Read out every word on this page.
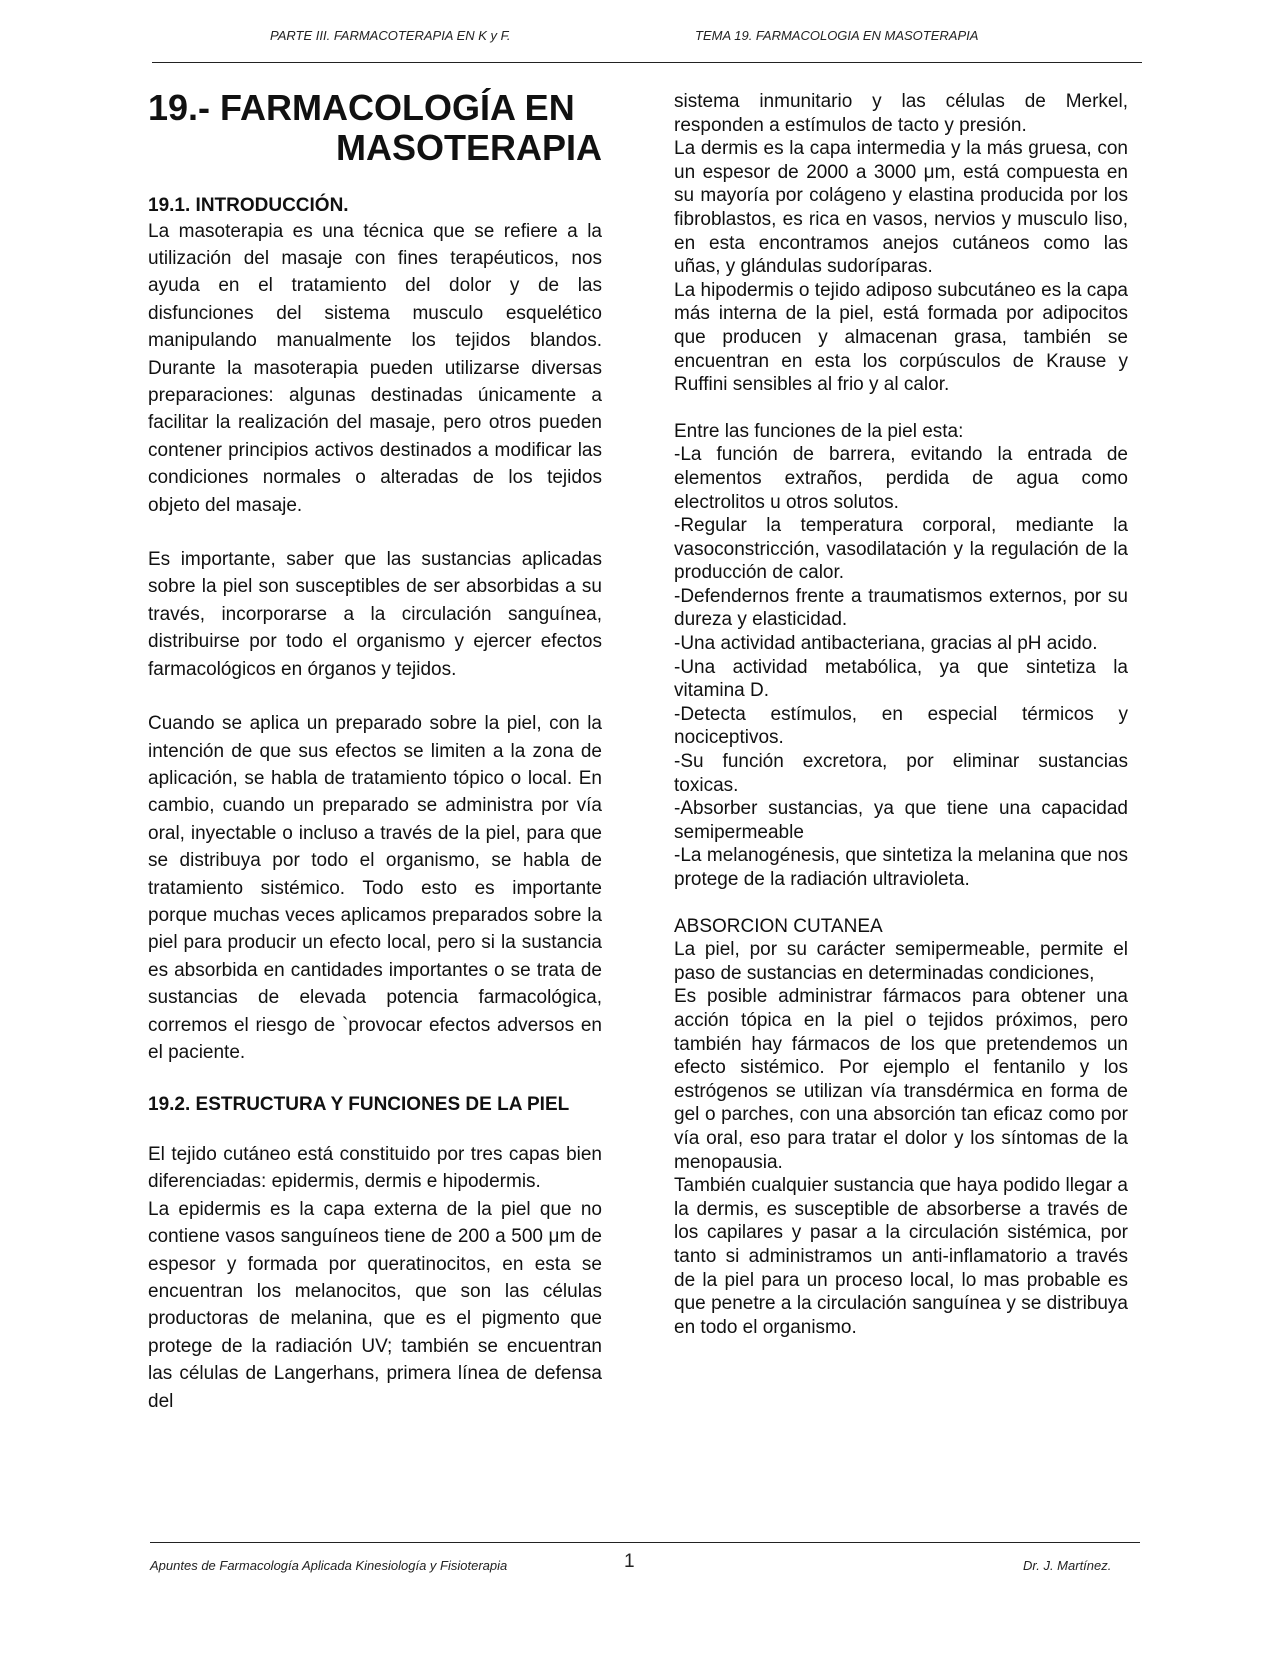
PARTE III. FARMACOTERAPIA EN K y F.	TEMA 19. FARMACOLOGIA EN MASOTERAPIA
19.- FARMACOLOGÍA EN
MASOTERAPIA

19.1. INTRODUCCIÓN.

La masoterapia es una técnica que se refiere a la utilización del masaje con fines terapéuticos, nos ayuda en el tratamiento del dolor y de las disfunciones del sistema musculo esquelético manipulando manualmente los tejidos blandos. Durante la masoterapia pueden utilizarse diversas preparaciones: algunas destinadas únicamente a facilitar la realización del masaje, pero otros pueden contener principios activos destinados a modificar las condiciones normales o alteradas de los tejidos objeto del masaje.

Es importante, saber que las sustancias aplicadas sobre la piel son susceptibles de ser absorbidas a su través, incorporarse a la circulación sanguínea, distribuirse por todo el organismo y ejercer efectos farmacológicos en órganos y tejidos.

Cuando se aplica un preparado sobre la piel, con la intención de que sus efectos se limiten a la zona de aplicación, se habla de tratamiento tópico o local. En cambio, cuando un preparado se administra por vía oral, inyectable o incluso a través de la piel, para que se distribuya por todo el organismo, se habla de tratamiento sistémico. Todo esto es importante porque muchas veces aplicamos preparados sobre la piel para producir un efecto local, pero si la sustancia es absorbida en cantidades importantes o se trata de sustancias de elevada potencia farmacológica, corremos el riesgo de `provocar efectos adversos en el paciente.

19.2. ESTRUCTURA Y FUNCIONES DE LA PIEL

El tejido cutáneo está constituido por tres capas bien diferenciadas: epidermis, dermis e hipodermis.

La epidermis es la capa externa de la piel que no contiene vasos sanguíneos tiene de 200 a 500 μm de espesor y formada por queratinocitos, en esta se encuentran los melanocitos, que son las células productoras de melanina, que es el pigmento que protege de la radiación UV; también se encuentran las células de Langerhans, primera línea de defensa del

sistema inmunitario y las células de Merkel, responden a estímulos de tacto y presión.

La dermis es la capa intermedia y la más gruesa, con un espesor de 2000 a 3000 μm, está compuesta en su mayoría por colágeno y elastina producida por los fibroblastos, es rica en vasos, nervios y musculo liso, en esta encontramos anejos cutáneos como las uñas, y glándulas sudoríparas.

La hipodermis o tejido adiposo subcutáneo es la capa más interna de la piel, está formada por adipocitos que producen y almacenan grasa, también se encuentran en esta los corpúsculos de Krause y Ruffini sensibles al frio y al calor.

Entre las funciones de la piel esta:

-La función de barrera, evitando la entrada de elementos extraños, perdida de agua como electrolitos u otros solutos.

-Regular la temperatura corporal, mediante la vasoconstricción, vasodilatación y la regulación de la producción de calor.

-Defendernos frente a traumatismos externos, por su dureza y elasticidad.

-Una actividad antibacteriana, gracias al pH acido.

-Una actividad metabólica, ya que sintetiza la vitamina D.

-Detecta estímulos, en especial térmicos y nociceptivos.

-Su función excretora, por eliminar sustancias toxicas.

-Absorber sustancias, ya que tiene una capacidad semipermeable

-La melanogénesis, que sintetiza la melanina que nos protege de la radiación ultravioleta.

ABSORCION CUTANEA

La piel, por su carácter semipermeable, permite el paso de sustancias en determinadas condiciones,

Es posible administrar fármacos para obtener una acción tópica en la piel o tejidos próximos, pero también hay fármacos de los que pretendemos un efecto sistémico. Por ejemplo el fentanilo y los estrógenos se utilizan vía transdérmica en forma de gel o parches, con una absorción tan eficaz como por vía oral, eso para tratar el dolor y los síntomas de la menopausia.

También cualquier sustancia que haya podido llegar a la dermis, es susceptible de absorberse a través de los capilares y pasar a la circulación sistémica, por tanto si administramos un anti-inflamatorio a través de la piel para un proceso local, lo mas probable es que penetre a la circulación sanguínea y se distribuya en todo el organismo.

Apuntes de Farmacología Aplicada Kinesiología y Fisioterapia	1	Dr. J. Martínez.
